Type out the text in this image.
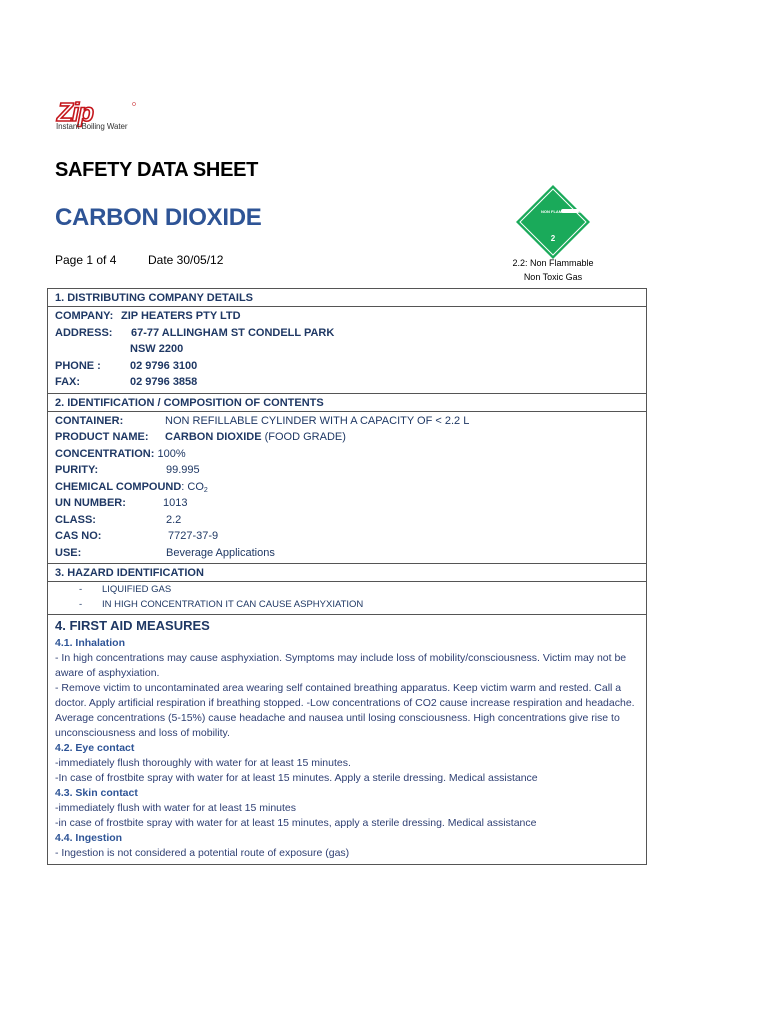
Zip
Instant Boiling Water
SAFETY DATA SHEET
CARBON DIOXIDE
Page 1 of 4	Date 30/05/12
NON FLAMMABLE GAS
2
2.2: Non Flammable
Non Toxic Gas
1. DISTRIBUTING COMPANY DETAILS
COMPANY: ZIP HEATERS PTY LTD
ADDRESS: 67-77 ALLINGHAM ST CONDELL PARK
NSW 2200
PHONE :	02 9796 3100
FAX:	02 9796 3858
2. IDENTIFICATION / COMPOSITION OF CONTENTS
CONTAINER:	NON REFILLABLE CYLINDER WITH A CAPACITY OF < 2.2 L
PRODUCT NAME: CARBON DIOXIDE (FOOD GRADE)
CONCENTRATION: 100%
PURITY:	99.995
CHEMICAL COMPOUND: $CO_2$
UN NUMBER:	1013
CLASS:	2.2
CAS NO:	7727-37-9
USE:	Beverage Applications
3. HAZARD IDENTIFICATION
- LIQUIFIED GAS
- IN HIGH CONCENTRATION IT CAN CAUSE ASPHYXIATION
4. FIRST AID MEASURES
4.1. Inhalation
- In high concentrations may cause asphyxiation. Symptoms may include loss of mobility/consciousness. Victim may not be aware of asphyxiation.
- Remove victim to uncontaminated area wearing self contained breathing apparatus. Keep victim warm and rested. Call a doctor. Apply artificial respiration if breathing stopped. -Low concentrations of CO2 cause increase respiration and headache. Average concentrations (5-15%) cause headache and nausea until losing consciousness. High concentrations give rise to unconsciousness and loss of mobility.
4.2. Eye contact
-immediately flush thoroughly with water for at least 15 minutes.
-In case of frostbite spray with water for at least 15 minutes. Apply a sterile dressing. Medical assistance
4.3. Skin contact
-immediately flush with water for at least 15 minutes
-in case of frostbite spray with water for at least 15 minutes, apply a sterile dressing. Medical assistance
4.4. Ingestion
- Ingestion is not considered a potential route of exposure (gas)
